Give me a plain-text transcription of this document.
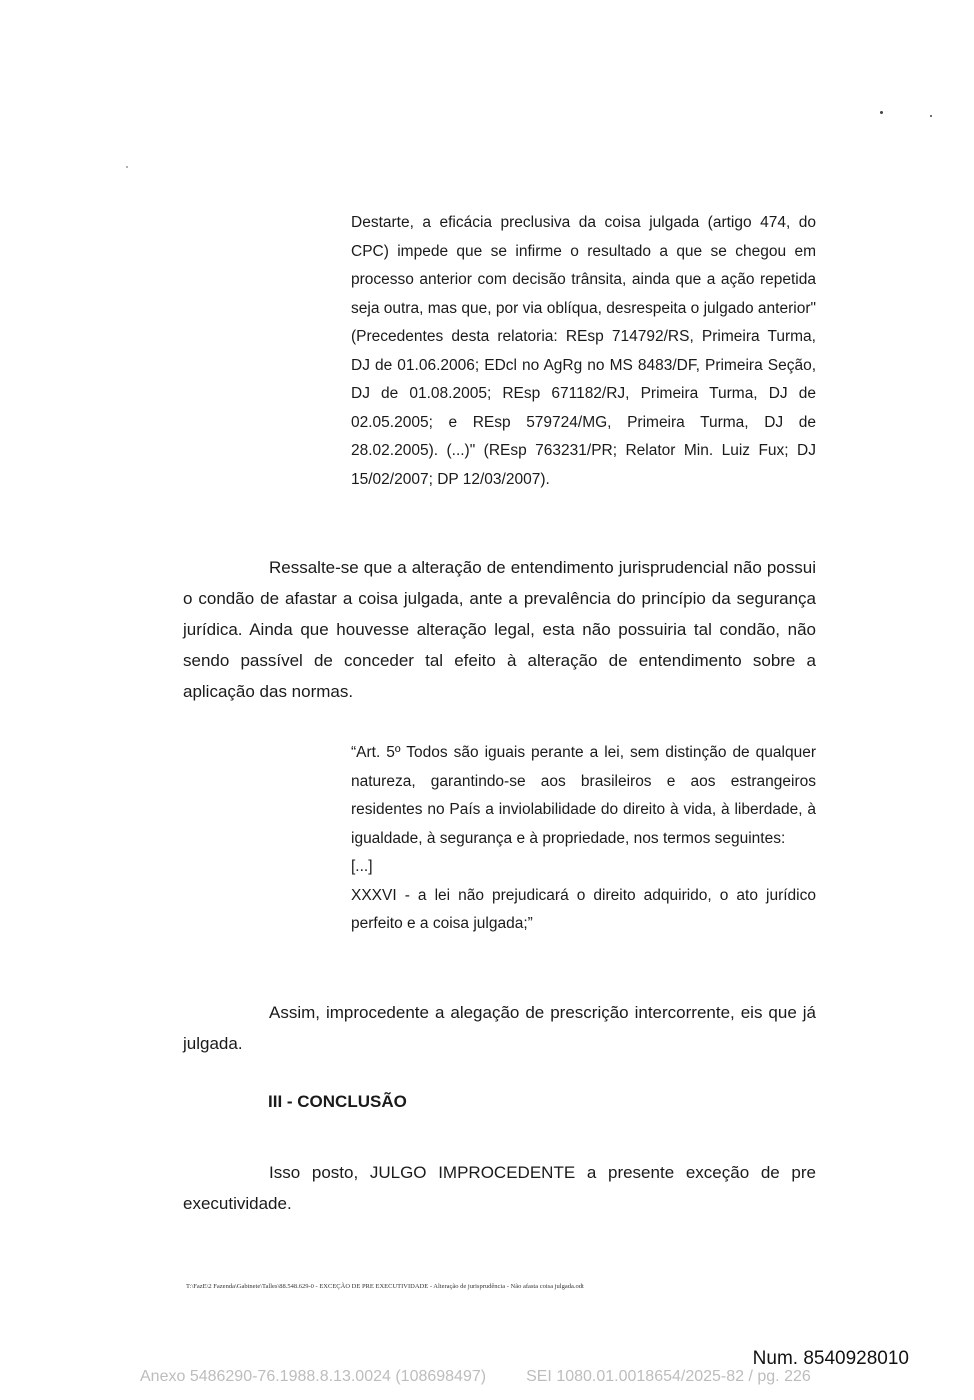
Destarte, a eficácia preclusiva da coisa julgada (artigo 474, do CPC) impede que se infirme o resultado a que se chegou em processo anterior com decisão trânsita, ainda que a ação repetida seja outra, mas que, por via oblíqua, desrespeita o julgado anterior" (Precedentes desta relatoria: REsp 714792/RS, Primeira Turma, DJ de 01.06.2006; EDcl no AgRg no MS 8483/DF, Primeira Seção, DJ de 01.08.2005; REsp 671182/RJ, Primeira Turma, DJ de 02.05.2005; e REsp 579724/MG, Primeira Turma, DJ de 28.02.2005). (...)" (REsp 763231/PR; Relator Min. Luiz Fux; DJ 15/02/2007; DP 12/03/2007).

Ressalte-se que a alteração de entendimento jurisprudencial não possui o condão de afastar a coisa julgada, ante a prevalência do princípio da segurança jurídica. Ainda que houvesse alteração legal, esta não possuiria tal condão, não sendo passível de conceder tal efeito à alteração de entendimento sobre a aplicação das normas.

“Art. 5º Todos são iguais perante a lei, sem distinção de qualquer natureza, garantindo-se aos brasileiros e aos estrangeiros residentes no País a inviolabilidade do direito à vida, à liberdade, à igualdade, à segurança e à propriedade, nos termos seguintes:

[...]

XXXVI - a lei não prejudicará o direito adquirido, o ato jurídico perfeito e a coisa julgada;”

Assim, improcedente a alegação de prescrição intercorrente, eis que já julgada.

III - CONCLUSÃO

Isso posto, JULGO IMPROCEDENTE a presente exceção de pre executividade.

T:\FazE\2 Fazenda\Gabinete\Talles\88.548.629-0 - EXCEÇÃO DE PRE EXECUTIVIDADE - Alteração de jurisprudência - Não afasta coisa julgada.odt
Num. 8540928010
Anexo 5486290-76.1988.8.13.0024 (108698497)	SEI 1080.01.0018654/2025-82 / pg. 226
